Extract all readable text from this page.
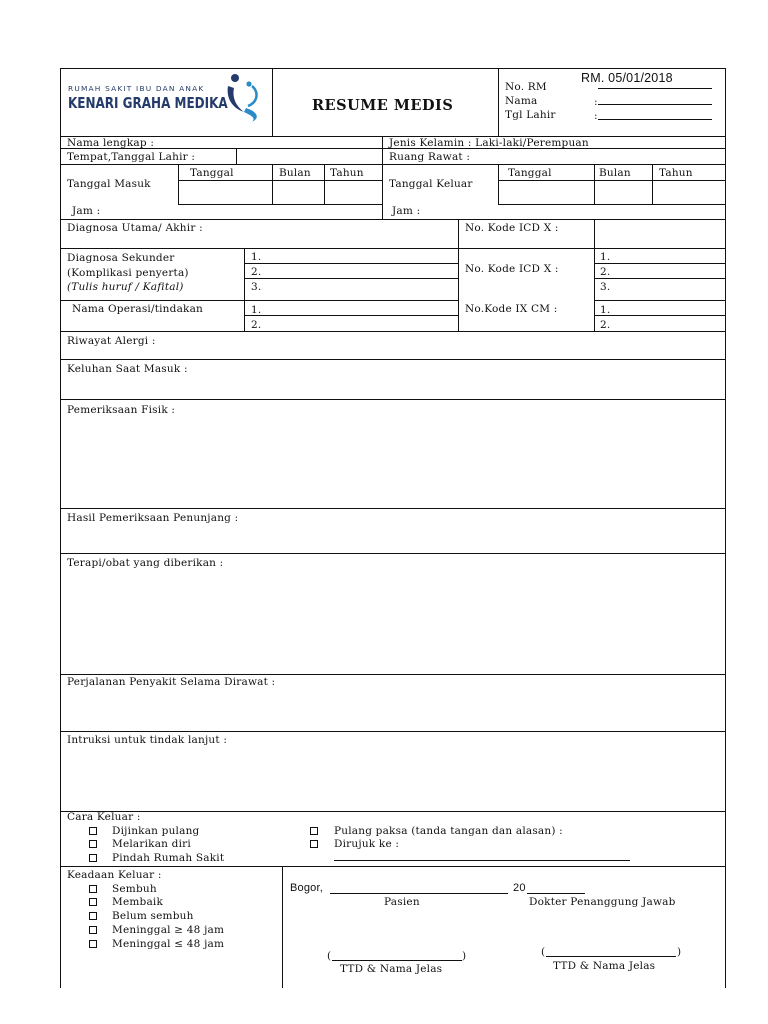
RUMAH SAKIT IBU DAN ANAK
KENARI GRAHA MEDIKA	RESUME MEDIS
RM. 05/01/2018
No. RM
Nama	:
Tgl Lahir	:
Nama lengkap :	Jenis Kelamin : Laki-laki/Perempuan
Tempat,Tanggal Lahir :	Ruang Rawat :
Tanggal Masuk
Tanggal	Bulan Tahun
Jam :
Tanggal Keluar
Tanggal	Bulan	Tahun
Jam :
Diagnosa Utama/ Akhir :	No. Kode ICD X :
Diagnosa Sekunder
(Komplikasi penyerta)
(Tulis huruf / Kafital)
1.
2.
3.
No. Kode ICD X :
1.
2.
3.
Nama Operasi/tindakan	1.
2.
No.Kode IX CM :	1.
2.
Riwayat Alergi :
Keluhan Saat Masuk :
Pemeriksaan Fisik :
Hasil Pemeriksaan Penunjang :
Terapi/obat yang diberikan :
Perjalanan Penyakit Selama Dirawat :
Intruksi untuk tindak lanjut :
Cara Keluar :
Dijinkan pulang
Melarikan diri
Pindah Rumah Sakit
Pulang paksa (tanda tangan dan alasan) :
Dirujuk ke :
Keadaan Keluar :
Sembuh
Membaik
Belum sembuh
Meninggal ≥ 48 jam
Meninggal ≤ 48 jam
Bogor,	20
Pasien	Dokter Penanggung Jawab
(	)
TTD & Nama Jelas
(	)
TTD & Nama Jelas
